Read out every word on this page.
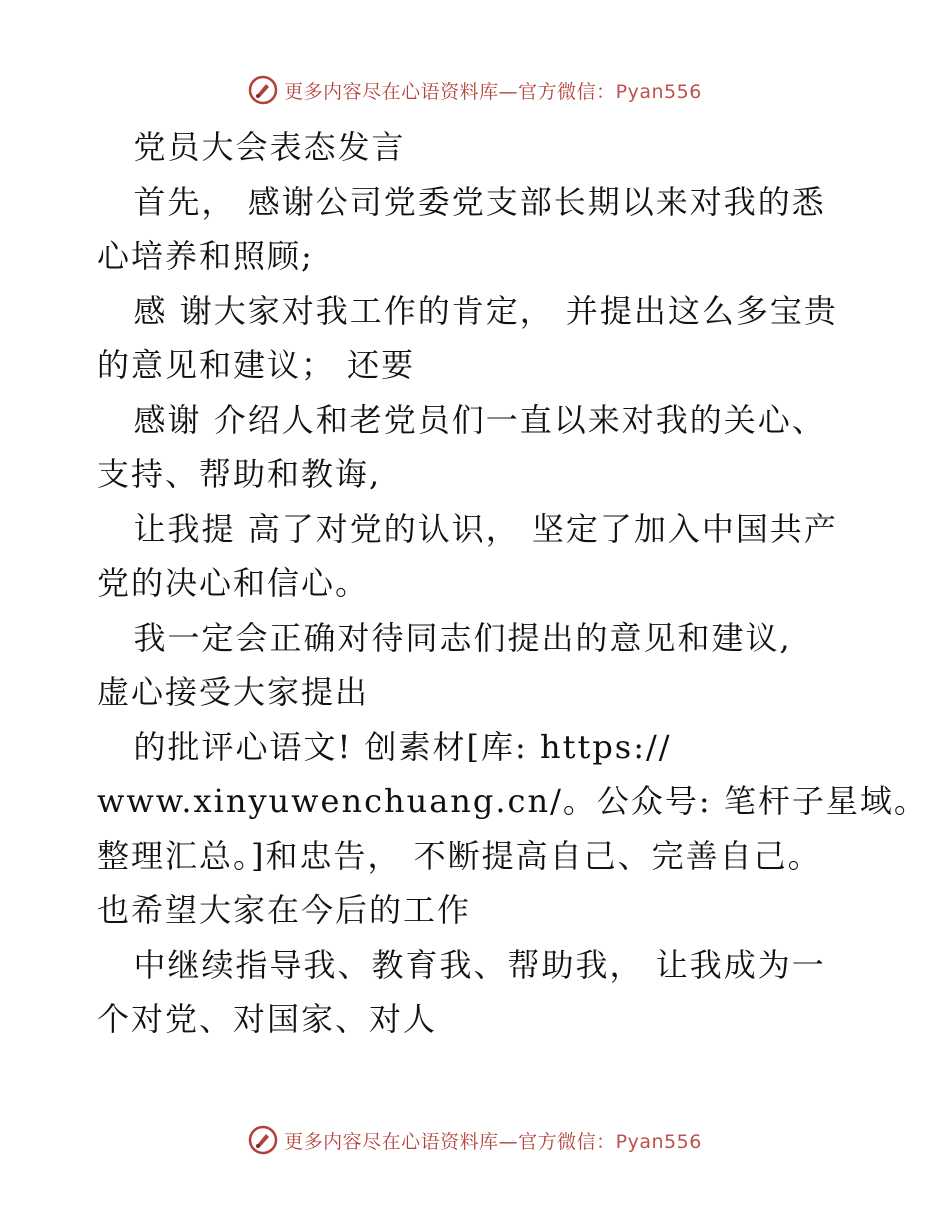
更多内容尽在心语资料库—官方微信：Pyan556
党员大会表态发言
首先， 感谢公司党委党支部长期以来对我的悉
心培养和照顾;
感 谢大家对我工作的肯定， 并提出这么多宝贵
的意见和建议； 还要
感谢 介绍人和老党员们一直以来对我的关心、
支持、帮助和教诲,
让我提 高了对党的认识， 坚定了加入中国共产
党的决心和信心。
我一定会正确对待同志们提出的意见和建议,
虚心接受大家提出
的批评心语文! 创素材[库: https://
www.xinyuwenchuang.cn/。公众号: 笔杆子星域。
整理汇总。]和忠告， 不断提高自己、完善自己。
也希望大家在今后的工作
中继续指导我、教育我、帮助我， 让我成为一
个对党、对国家、对人
更多内容尽在心语资料库—官方微信：Pyan556
